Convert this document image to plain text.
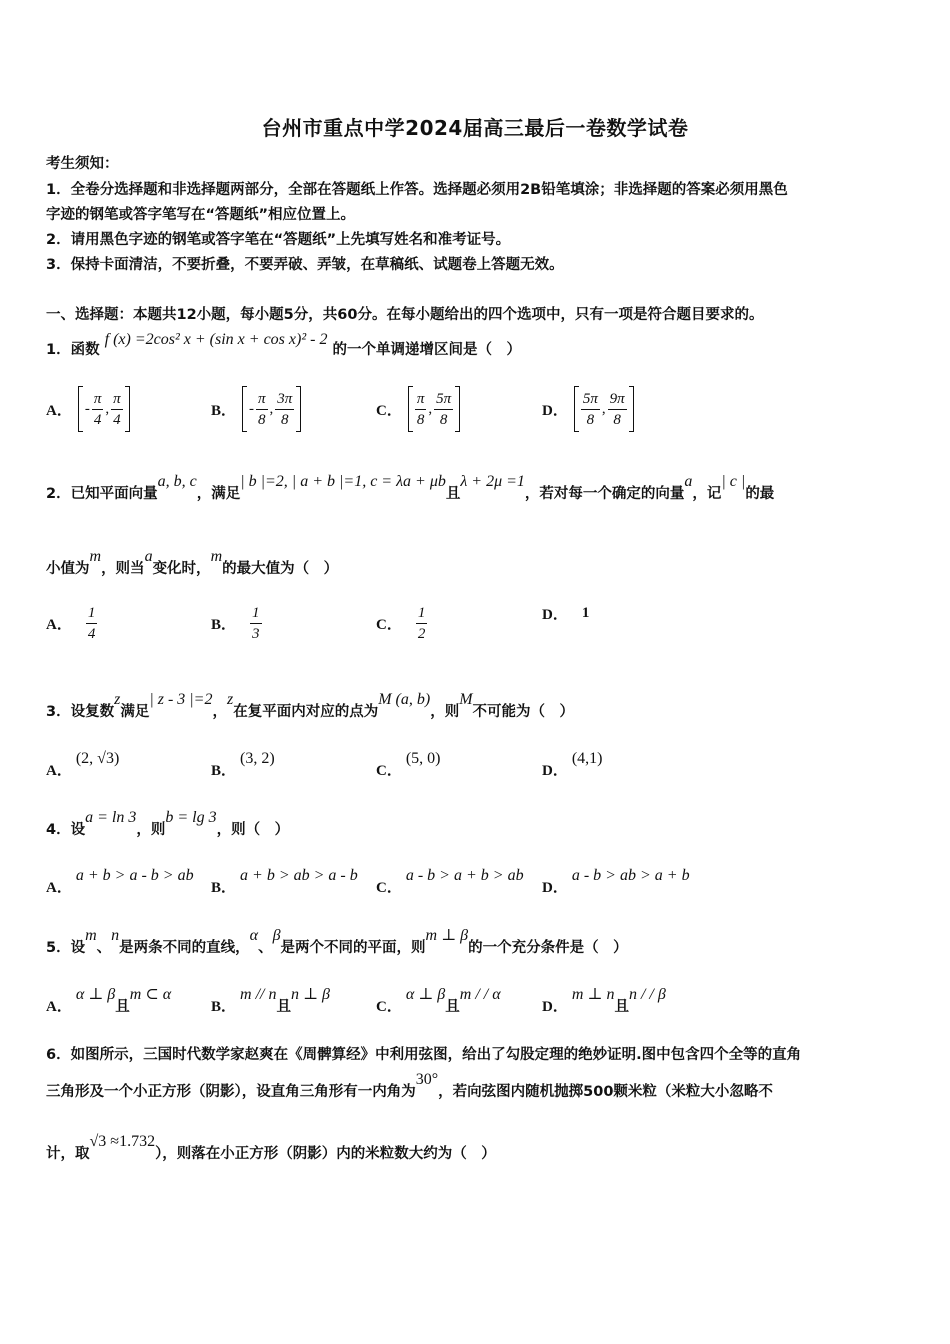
台州市重点中学2024届高三最后一卷数学试卷
考生须知：
1．全卷分选择题和非选择题两部分，全部在答题纸上作答。选择题必须用2B铅笔填涂；非选择题的答案必须用黑色
字迹的钢笔或答字笔写在“答题纸”相应位置上。
2．请用黑色字迹的钢笔或答字笔在“答题纸”上先填写姓名和准考证号。
3．保持卡面清洁，不要折叠，不要弄破、弄皱，在草稿纸、试题卷上答题无效。
一、选择题：本题共12小题，每小题5分，共60分。在每小题给出的四个选项中，只有一项是符合题目要求的。
1．函数 f (x) =2cos² x + (sin x + cos x)² - 2 的一个单调递增区间是（　）
A． - $\frac{\pi}{4}$ , $\frac{\pi}{4}$	B． - $\frac{\pi}{8}$ , $\frac{3\pi}{8}$	C． $\frac{\pi}{8}$ , $\frac{5\pi}{8}$	D． $\frac{5\pi}{8}$ , $\frac{9\pi}{8}$
2．已知平面向量a, b, c，满足| b |=2, | a + b |=1, c = λa + μb且λ + 2μ =1，若对每一个确定的向量a，记| c |的最
小值为m，则当a变化时，m的最大值为（　）
A． $\frac{1}{4}$	B． $\frac{1}{3}$	C． $\frac{1}{2}$	D． 1
3．设复数z满足| z - 3 |=2，z在复平面内对应的点为M (a, b)，则M不可能为（　）
A． (2, √3)
B． (3, 2)
C． (5, 0)
D． (4,1)
4．设a = ln 3，则b = lg 3，则（　）
A． a + b > a - b > ab
B． a + b > ab > a - b
C． a - b > a + b > ab
D． a - b > ab > a + b
5．设m、n是两条不同的直线，α、β是两个不同的平面，则m ⊥ β的一个充分条件是（　）
A． α ⊥ β且m ⊂ α
B． m // n且n ⊥ β
C． α ⊥ β且m / / α
D． m ⊥ n且n / / β
6．如图所示，三国时代数学家赵爽在《周髀算经》中利用弦图，给出了勾股定理的绝妙证明.图中包含四个全等的直角
三角形及一个小正方形（阴影），设直角三角形有一内角为30°，若向弦图内随机抛掷500颗米粒（米粒大小忽略不
计，取√3 ≈1.732），则落在小正方形（阴影）内的米粒数大约为（　）
